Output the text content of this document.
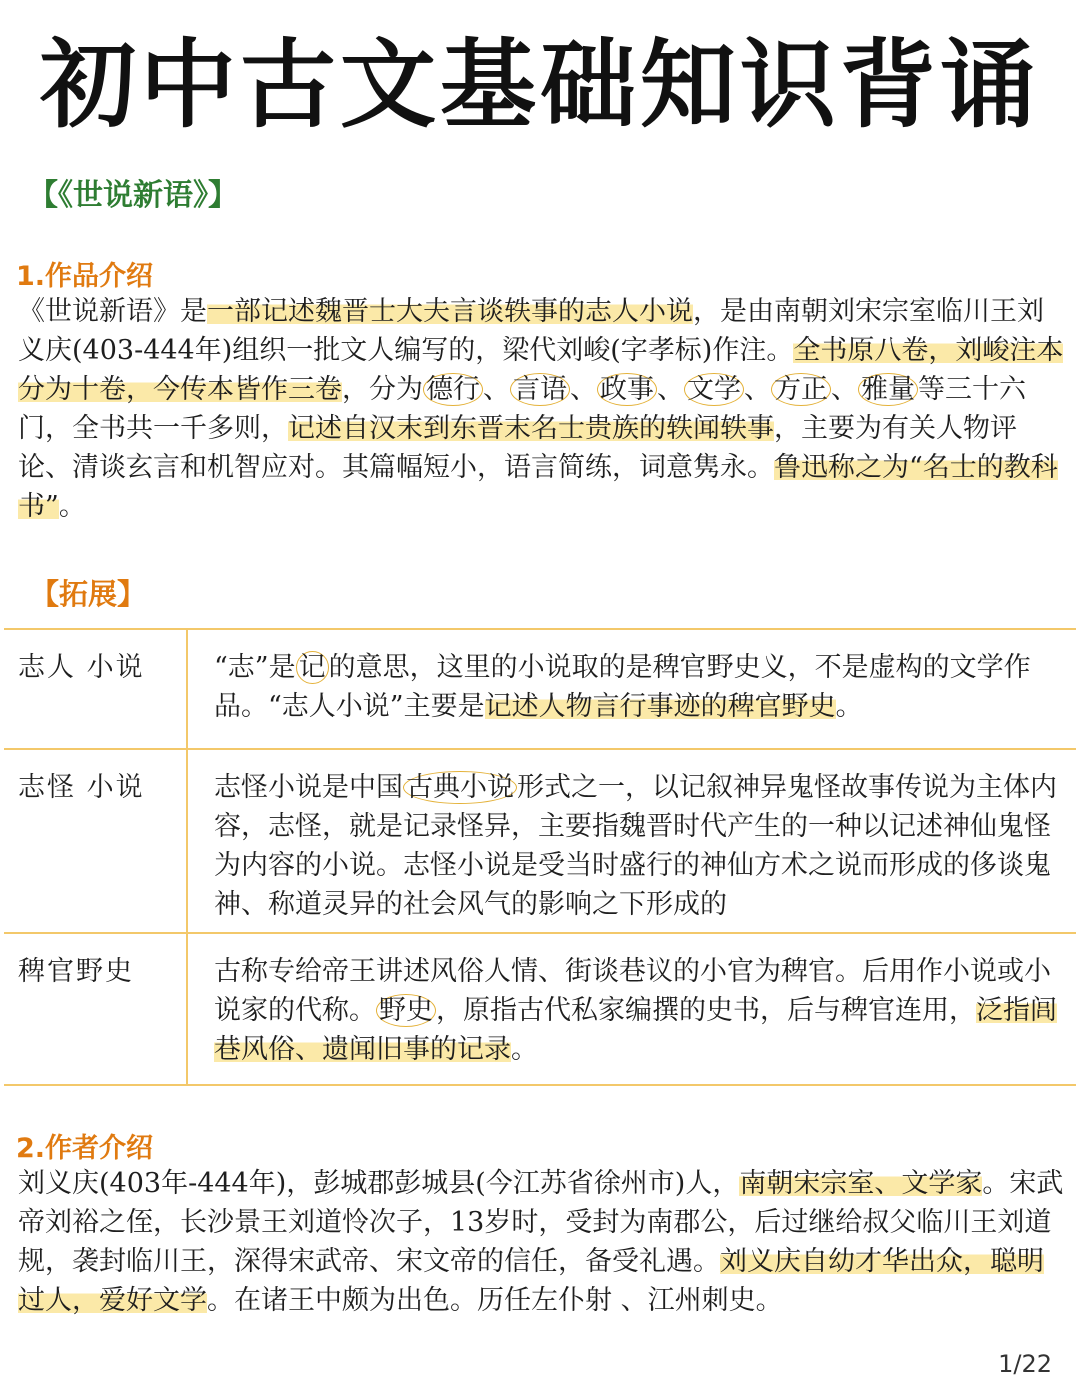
初中古文基础知识背诵
【《世说新语》】
1.作品介绍
《世说新语》是一部记述魏晋士大夫言谈轶事的志人小说，是由南朝刘宋宗室临川王刘义庆(403-444年)组织一批文人编写的，梁代刘峻(字孝标)作注。全书原八卷，刘峻注本分为十卷，今传本皆作三卷，分为 德行 、 言语 、 政事 、 文学 、 方正 、 雅量 等三十六门，全书共一千多则，记述自汉末到东晋末名士贵族的轶闻轶事，主要为有关人物评论、清谈玄言和机智应对。其篇幅短小，语言简练，词意隽永。鲁迅称之为“名士的教科书”。
【拓展】
志人 小说	“志”是 记 的意思，这里的小说取的是稗官野史义，不是虚构的文学作品。“志人小说”主要是记述人物言行事迹的稗官野史。
志怪 小说	志怪小说是中国 古典小说 形式之一，以记叙神异鬼怪故事传说为主体内容，志怪，就是记录怪异，主要指魏晋时代产生的一种以记述神仙鬼怪为内容的小说。志怪小说是受当时盛行的神仙方术之说而形成的侈谈鬼神、称道灵异的社会风气的影响之下形成的
稗官野史	古称专给帝王讲述风俗人情、街谈巷议的小官为稗官。后用作小说或小说家的代称。 野史 ，原指古代私家编撰的史书，后与稗官连用，泛指闾巷风俗、遗闻旧事的记录。
2.作者介绍
刘义庆(403年-444年)，彭城郡彭城县(今江苏省徐州市)人，南朝宋宗室、文学家。宋武帝刘裕之侄，长沙景王刘道怜次子，13岁时，受封为南郡公，后过继给叔父临川王刘道规，袭封临川王，深得宋武帝、宋文帝的信任，备受礼遇。刘义庆自幼才华出众，聪明过人，爱好文学。在诸王中颇为出色。历任左仆射 、江州刺史。
1/22
